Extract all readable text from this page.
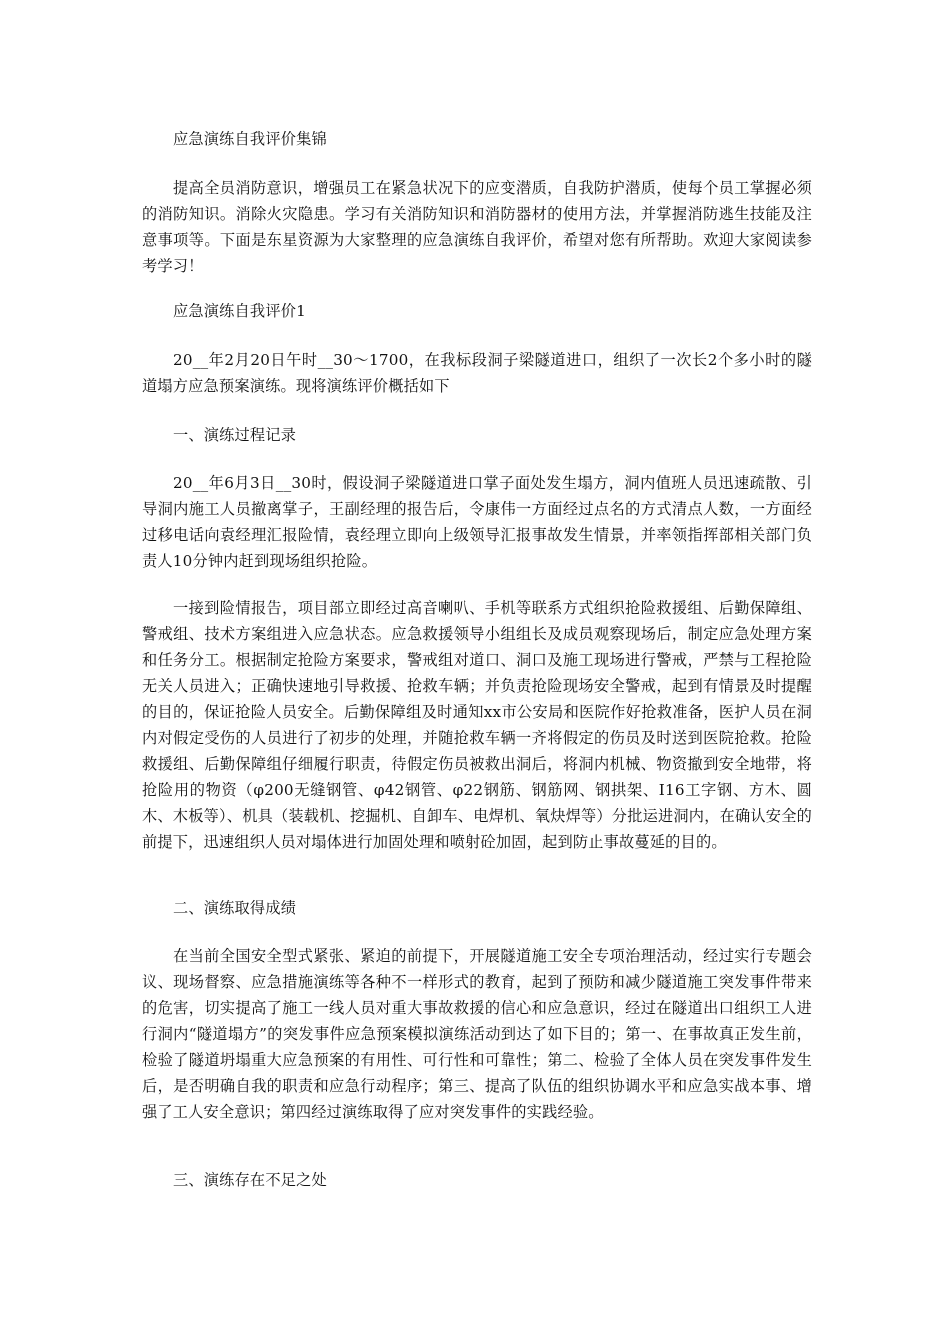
应急演练自我评价集锦
提高全员消防意识，增强员工在紧急状况下的应变潜质，自我防护潜质，使每个员工掌握必须的消防知识。消除火灾隐患。学习有关消防知识和消防器材的使用方法，并掌握消防逃生技能及注意事项等。下面是东星资源为大家整理的应急演练自我评价，希望对您有所帮助。欢迎大家阅读参考学习！
应急演练自我评价1
20__年2月20日午时__30～1700，在我标段洞子梁隧道进口，组织了一次长2个多小时的隧道塌方应急预案演练。现将演练评价概括如下
一、演练过程记录
20__年6月3日__30时，假设洞子梁隧道进口掌子面处发生塌方，洞内值班人员迅速疏散、引导洞内施工人员撤离掌子，王副经理的报告后，令康伟一方面经过点名的方式清点人数，一方面经过移电话向袁经理汇报险情，袁经理立即向上级领导汇报事故发生情景，并率领指挥部相关部门负责人10分钟内赶到现场组织抢险。
一接到险情报告，项目部立即经过高音喇叭、手机等联系方式组织抢险救援组、后勤保障组、警戒组、技术方案组进入应急状态。应急救援领导小组组长及成员观察现场后，制定应急处理方案和任务分工。根据制定抢险方案要求，警戒组对道口、洞口及施工现场进行警戒，严禁与工程抢险无关人员进入；正确快速地引导救援、抢救车辆；并负责抢险现场安全警戒，起到有情景及时提醒的目的，保证抢险人员安全。后勤保障组及时通知xx市公安局和医院作好抢救准备，医护人员在洞内对假定受伤的人员进行了初步的处理，并随抢救车辆一齐将假定的伤员及时送到医院抢救。抢险救援组、后勤保障组仔细履行职责，待假定伤员被救出洞后，将洞内机械、物资撤到安全地带，将抢险用的物资（φ200无缝钢管、φ42钢管、φ22钢筋、钢筋网、钢拱架、I16工字钢、方木、圆木、木板等）、机具（装载机、挖掘机、自卸车、电焊机、氧炔焊等）分批运进洞内，在确认安全的前提下，迅速组织人员对塌体进行加固处理和喷射砼加固，起到防止事故蔓延的目的。
二、演练取得成绩
在当前全国安全型式紧张、紧迫的前提下，开展隧道施工安全专项治理活动，经过实行专题会议、现场督察、应急措施演练等各种不一样形式的教育，起到了预防和减少隧道施工突发事件带来的危害，切实提高了施工一线人员对重大事故救援的信心和应急意识，经过在隧道出口组织工人进行洞内“隧道塌方”的突发事件应急预案模拟演练活动到达了如下目的；第一、在事故真正发生前，检验了隧道坍塌重大应急预案的有用性、可行性和可靠性；第二、检验了全体人员在突发事件发生后，是否明确自我的职责和应急行动程序；第三、提高了队伍的组织协调水平和应急实战本事、增强了工人安全意识；第四经过演练取得了应对突发事件的实践经验。
三、演练存在不足之处
